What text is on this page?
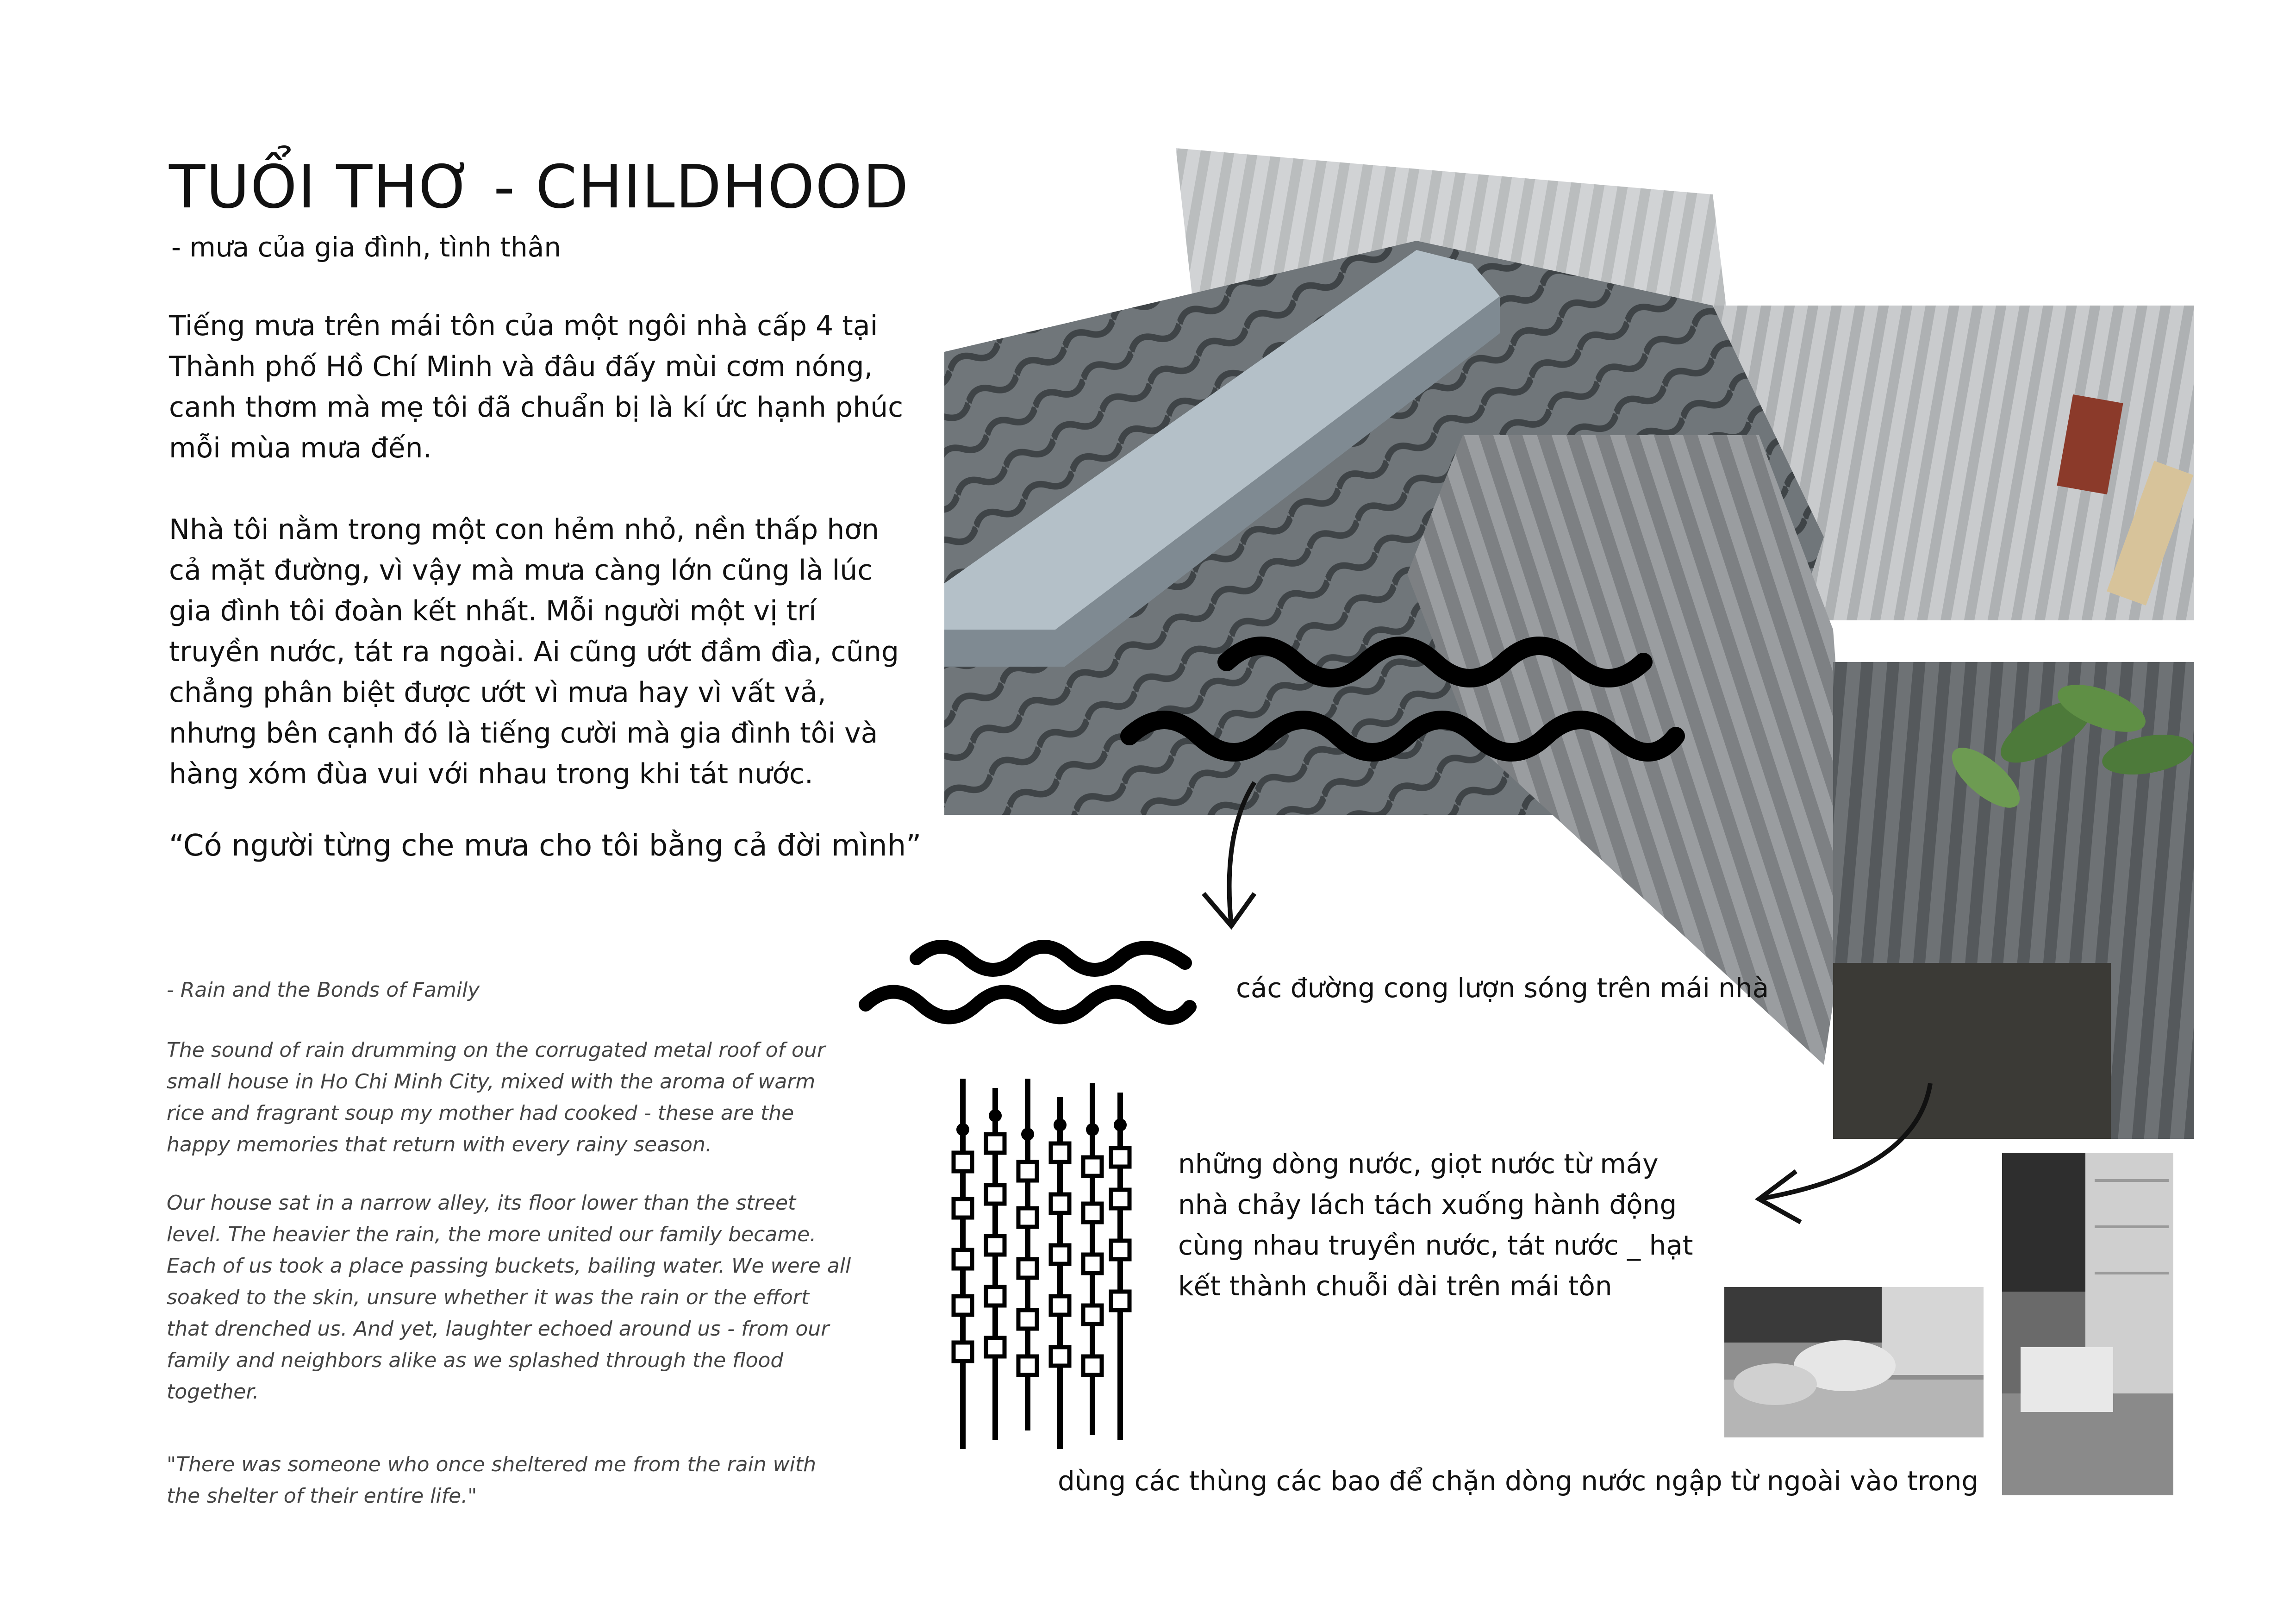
TUỔI THƠ - CHILDHOOD
- mưa của gia đình, tình thân
Tiếng mưa trên mái tôn của một ngôi nhà cấp 4 tại Thành phố Hồ Chí Minh và đâu đấy mùi cơm nóng, canh thơm mà mẹ tôi đã chuẩn bị là kí ức hạnh phúc mỗi mùa mưa đến.
Nhà tôi nằm trong một con hẻm nhỏ, nền thấp hơn cả mặt đường, vì vậy mà mưa càng lớn cũng là lúc gia đình tôi đoàn kết nhất. Mỗi người một vị trí truyền nước, tát ra ngoài. Ai cũng ướt đầm đìa, cũng chẳng phân biệt được ướt vì mưa hay vì vất vả, nhưng bên cạnh đó là tiếng cười mà gia đình tôi và hàng xóm đùa vui với nhau trong khi tát nước.
“Có người từng che mưa cho tôi bằng cả đời mình”
- Rain and the Bonds of Family
The sound of rain drumming on the corrugated metal roof of our small house in Ho Chi Minh City, mixed with the aroma of warm rice and fragrant soup my mother had cooked - these are the happy memories that return with every rainy season.
Our house sat in a narrow alley, its floor lower than the street level. The heavier the rain, the more united our family became. Each of us took a place passing buckets, bailing water. We were all soaked to the skin, unsure whether it was the rain or the effort that drenched us. And yet, laughter echoed around us - from our family and neighbors alike as we splashed through the flood together.
"There was someone who once sheltered me from the rain with the shelter of their entire life."
các đường cong lượn sóng trên mái nhà
những dòng nước, giọt nước từ máy nhà chảy lách tách xuống hành động cùng nhau truyền nước, tát nước _ hạt kết thành chuỗi dài trên mái tôn
dùng các thùng các bao để chặn dòng nước ngập từ ngoài vào trong
